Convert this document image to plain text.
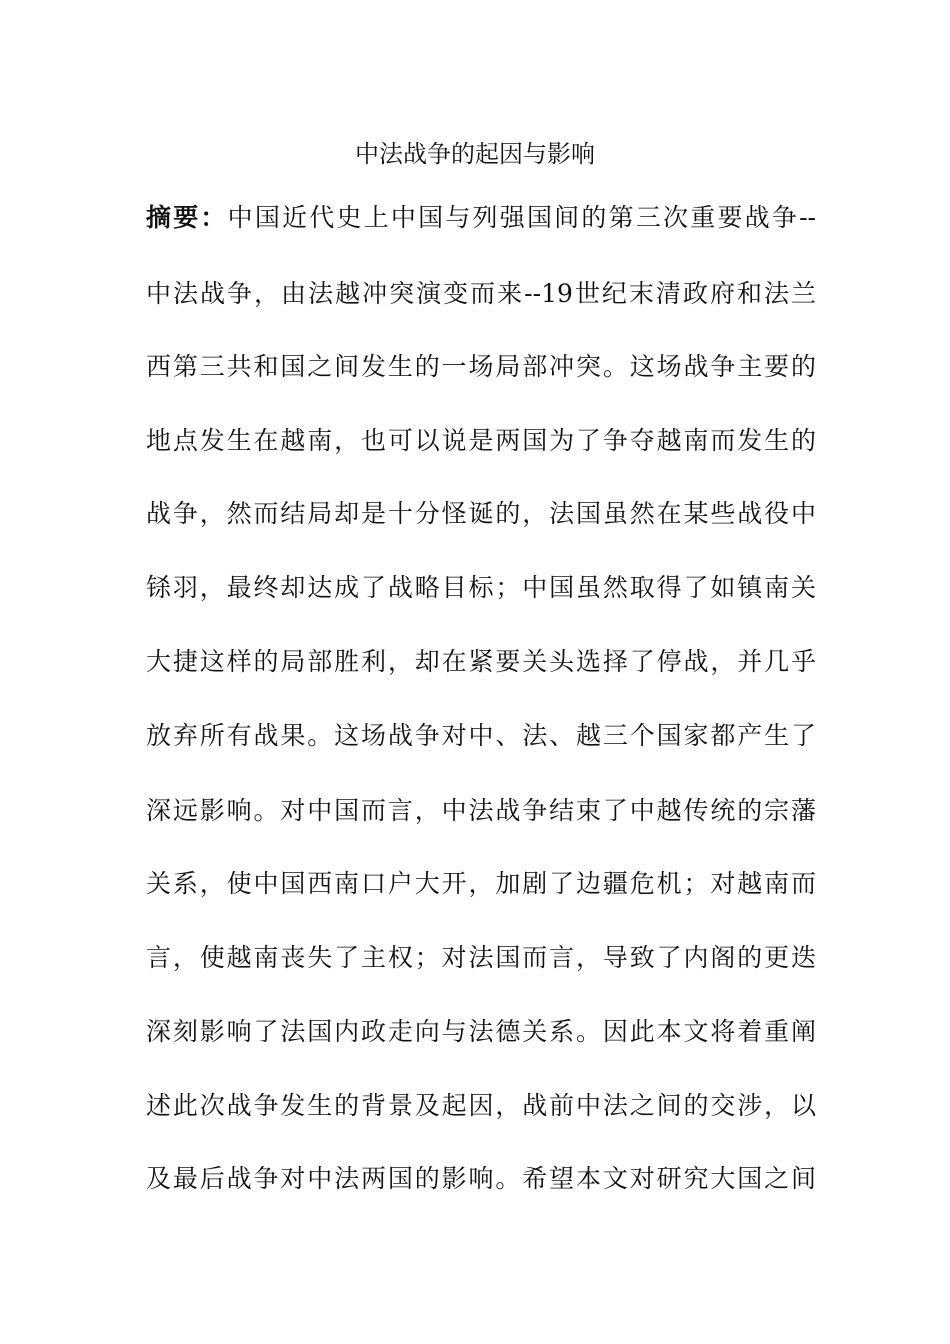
中法战争的起因与影响
摘要：中国近代史上中国与列强国间的第三次重要战争--
中法战争，由法越冲突演变而来--19世纪末清政府和法兰
西第三共和国之间发生的一场局部冲突。这场战争主要的
地点发生在越南，也可以说是两国为了争夺越南而发生的
战争，然而结局却是十分怪诞的，法国虽然在某些战役中
铩羽，最终却达成了战略目标；中国虽然取得了如镇南关
大捷这样的局部胜利，却在紧要关头选择了停战，并几乎
放弃所有战果。这场战争对中、法、越三个国家都产生了
深远影响。对中国而言，中法战争结束了中越传统的宗藩
关系，使中国西南口户大开，加剧了边疆危机；对越南而
言，使越南丧失了主权；对法国而言，导致了内阁的更迭
深刻影响了法国内政走向与法德关系。因此本文将着重阐
述此次战争发生的背景及起因，战前中法之间的交涉，以
及最后战争对中法两国的影响。希望本文对研究大国之间
